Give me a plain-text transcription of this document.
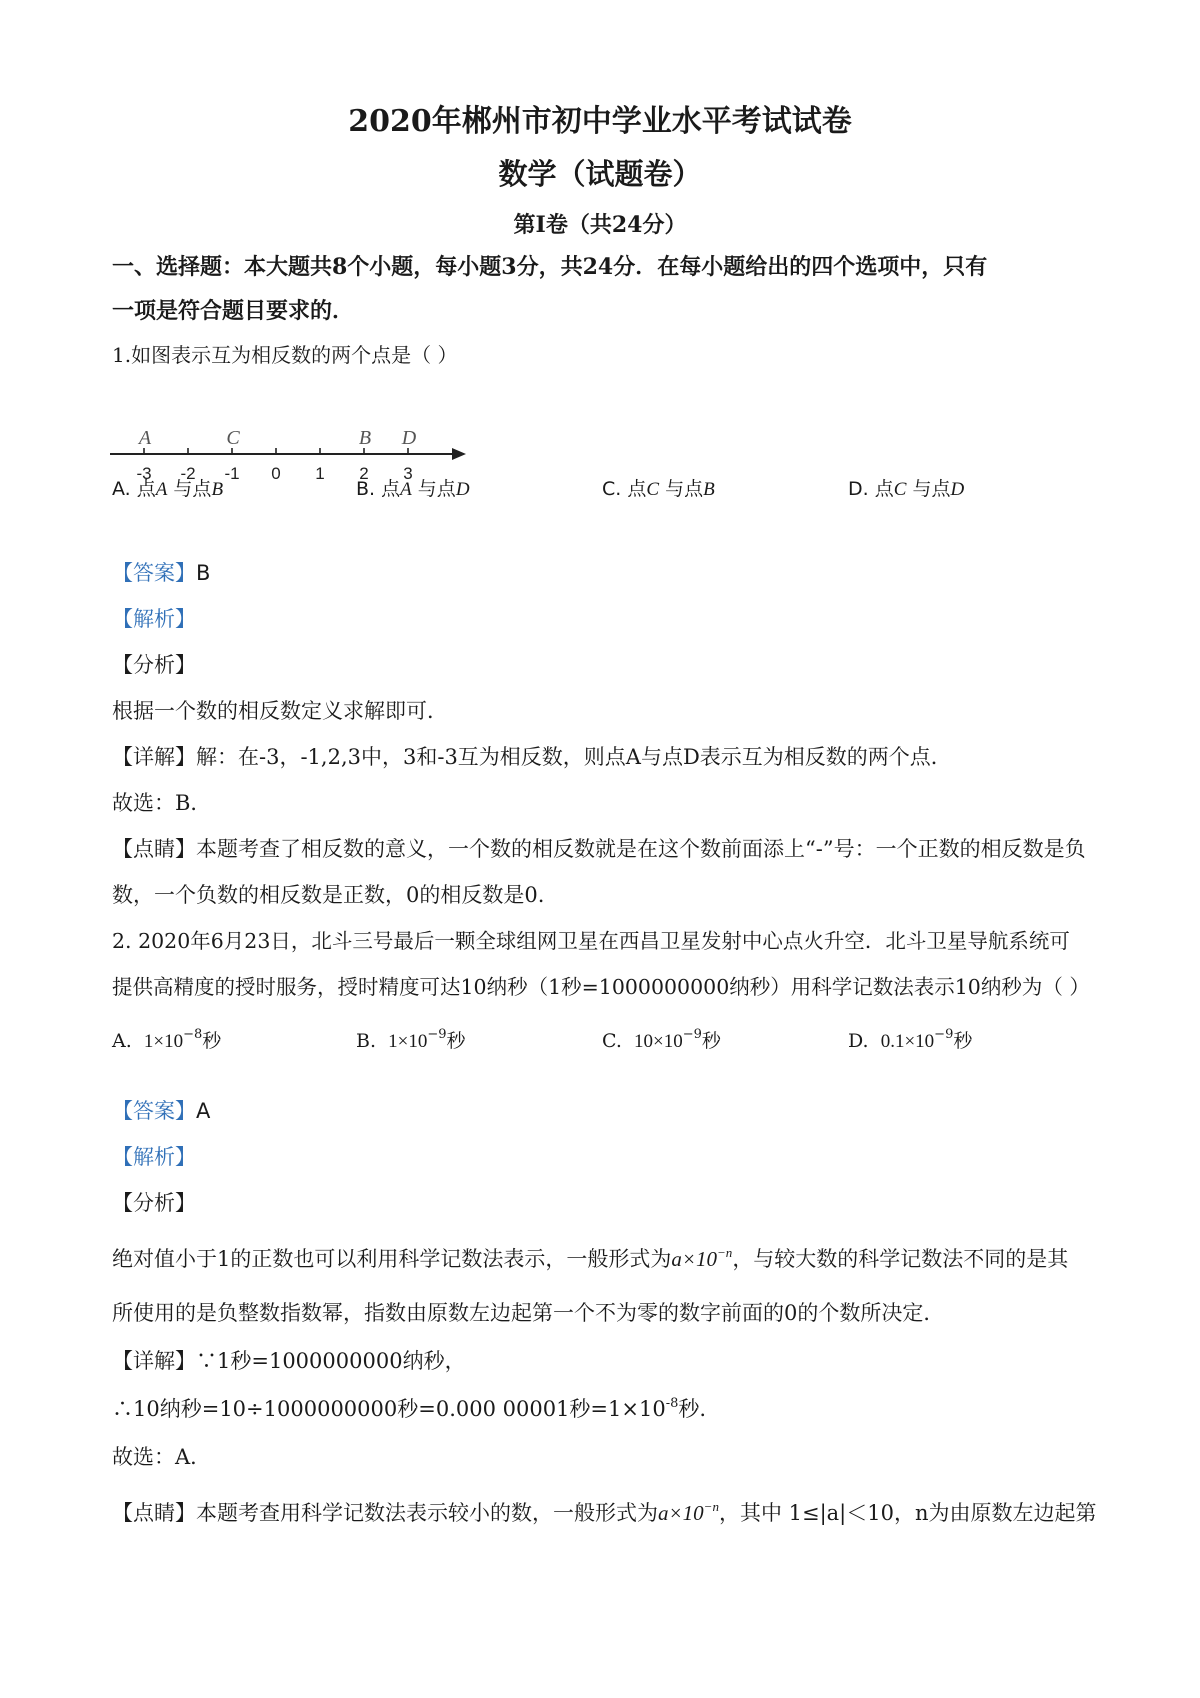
2020年郴州市初中学业水平考试试卷
数学（试题卷）
第Ⅰ卷（共24分）
一、选择题：本大题共8个小题，每小题3分，共24分．在每小题给出的四个选项中，只有
一项是符合题目要求的．
1.如图表示互为相反数的两个点是（ ）
-3 -2 -1 0 1 2 3
A	C	B D
A. 点A 与点B	B. 点A 与点D	C. 点C 与点B	D. 点C 与点D
【答案】B
【解析】
【分析】
根据一个数的相反数定义求解即可．
【详解】解：在-3，-1,2,3中，3和-3互为相反数，则点A与点D表示互为相反数的两个点．
故选：B．
【点睛】本题考查了相反数的意义，一个数的相反数就是在这个数前面添上“-”号：一个正数的相反数是负
数，一个负数的相反数是正数，0的相反数是0.
2. 2020年6月23日，北斗三号最后一颗全球组网卫星在西昌卫星发射中心点火升空．北斗卫星导航系统可
提供高精度的授时服务，授时精度可达10纳秒（1秒=1000000000纳秒）用科学记数法表示10纳秒为（ ）
A. $1\times 10^{-8}$秒	B. $1\times 10^{-9}$秒	C. $10\times 10^{-9}$秒	D. $0.1\times 10^{-9}$秒
【答案】A
【解析】
【分析】
绝对值小于1的正数也可以利用科学记数法表示，一般形式为$a\times 10^{-n}$，与较大数的科学记数法不同的是其
所使用的是负整数指数幂，指数由原数左边起第一个不为零的数字前面的0的个数所决定．
【详解】∵1秒=1000000000纳秒，
∴10纳秒=10÷1000000000秒=0.000 00001秒$=1\times 10^{-8}$秒.
故选：A．
【点睛】本题考查用科学记数法表示较小的数，一般形式为$a\times 10^{-n}$，其中 1≤|a|＜10，n为由原数左边起第
